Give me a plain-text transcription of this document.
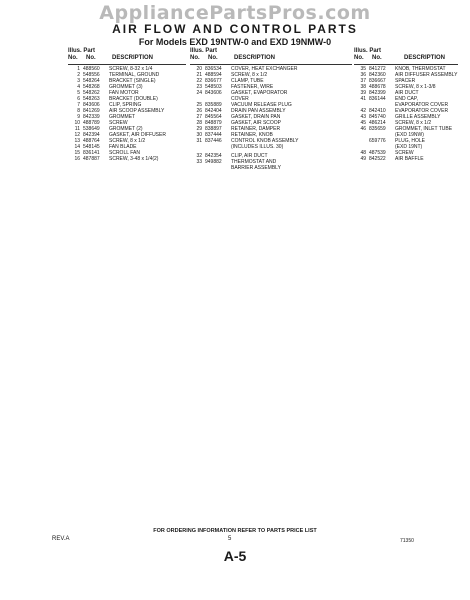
AppliancePartsPros.com
AIR FLOW AND CONTROL PARTS
For Models EXD 19NTW-0 and EXD 19NMW-0
Illus. Part
No. No.	DESCRIPTION
1 488560	SCREW, 8-32 x 1/4
2 548556	TERMINAL, GROUND
3 548264	BRACKET (SINGLE)
4 548268	GROMMET (3)
5 548262	FAN MOTOR
6 548263	BRACKET (DOUBLE)
7 843606	CLIP, SPRING
8 841269	AIR SCOOP ASSEMBLY
9 842339	GROMMET
10 488789	SCREW
11 538649	GROMMET (2)
12 842394	GASKET, AIR DIFFUSER
13 488764	SCREW, 8 x 1/2
14 548145	FAN BLADE
15 836141	SCROLL FAN
16 487887	SCREW, 3-48 x 1/4(2)
Illus. Part
No. No.	DESCRIPTION
20 836534	COVER, HEAT EXCHANGER
21 488594	SCREW, 8 x 1/2
22 836677	CLAMP, TUBE
23 548503	FASTENER, WIRE
24 843606	GASKET, EVAPORATOR
COVER
25 835889	VACUUM RELEASE PLUG
26 842404	DRAIN PAN ASSEMBLY
27 845564	GASKET, DRAIN PAN
28 848879	GASKET, AIR SCOOP
29 838897	RETAINER, DAMPER
30 837444	RETAINER, KNOB
31 837446	CONTROL KNOB ASSEMBLY
(INCLUDES ILLUS. 30)
32 842354	CLIP, AIR DUCT
33 949882	THERMOSTAT AND
BARRIER ASSEMBLY
Illus. Part
No. No.	DESCRIPTION
35 841272	KNOB, THERMOSTAT
36 842360	AIR DIFFUSER ASSEMBLY
37 836667	SPACER
38 488678	SCREW, 8 x 1-3/8
39 842399	AIR DUCT
41 836144	END CAP,
EVAPORATOR COVER
42 842410	EVAPORATOR COVER
43 845740	GRILLE ASSEMBLY
45 486214	SCREW, 8 x 1/2
46 835659	GROMMET, INLET TUBE
(EXD 19NW)
659776	PLUG, HOLE
(EXD 19NT)
48 487539	SCREW
49 842522	AIR BAFFLE
FOR ORDERING INFORMATION REFER TO PARTS PRICE LIST
REV.A	5	71350
A-5
